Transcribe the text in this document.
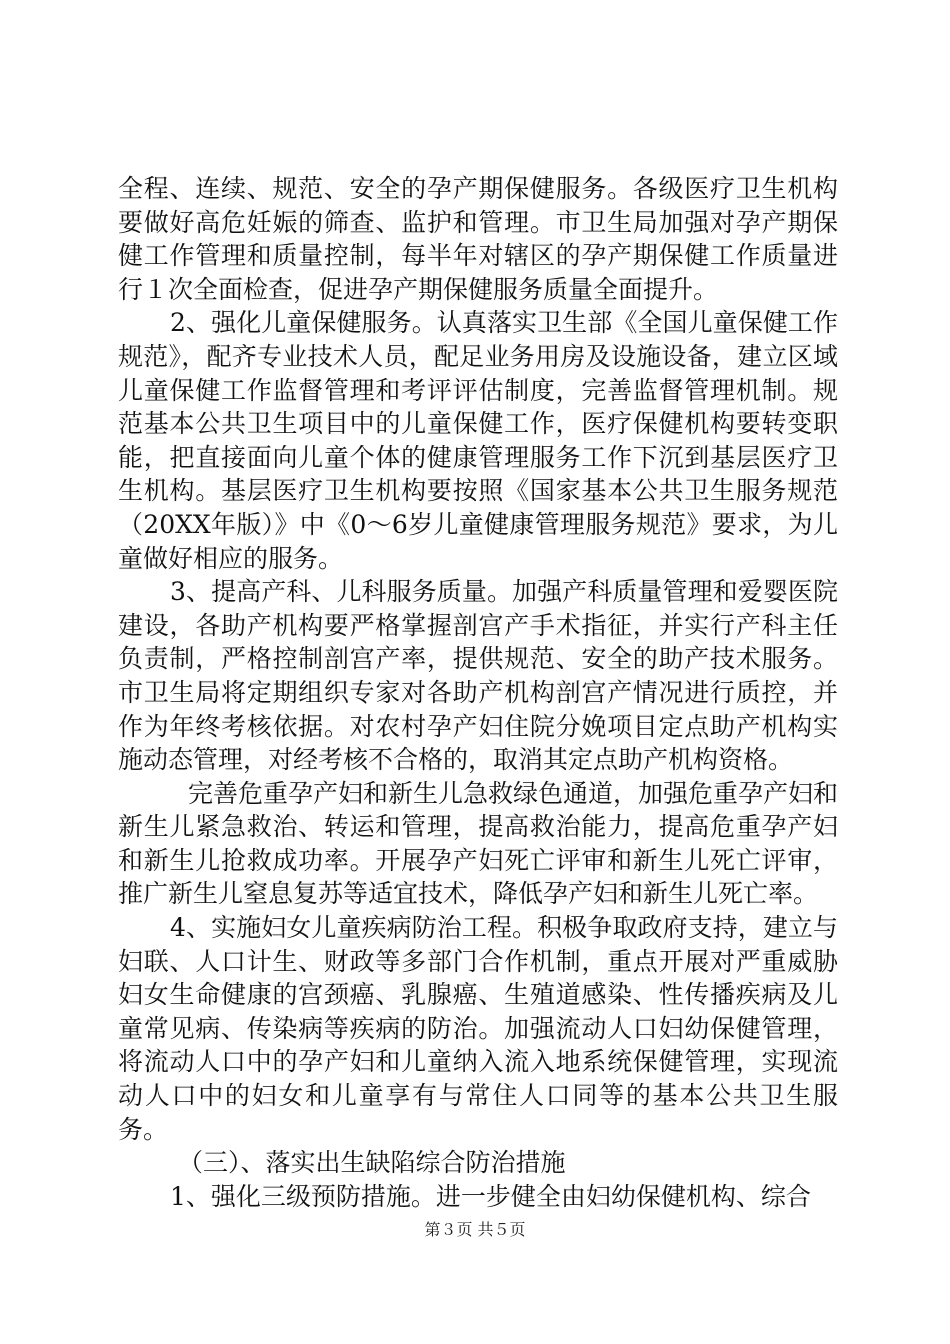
全程、连续、规范、安全的孕产期保健服务。各级医疗卫生机构要做好高危妊娠的筛查、监护和管理。市卫生局加强对孕产期保健工作管理和质量控制，每半年对辖区的孕产期保健工作质量进行１次全面检查，促进孕产期保健服务质量全面提升。

2、强化儿童保健服务。认真落实卫生部《全国儿童保健工作规范》，配齐专业技术人员，配足业务用房及设施设备，建立区域儿童保健工作监督管理和考评评估制度，完善监督管理机制。规范基本公共卫生项目中的儿童保健工作，医疗保健机构要转变职能，把直接面向儿童个体的健康管理服务工作下沉到基层医疗卫生机构。基层医疗卫生机构要按照《国家基本公共卫生服务规范（20XX年版）》中《0～6岁儿童健康管理服务规范》要求，为儿童做好相应的服务。

3、提高产科、儿科服务质量。加强产科质量管理和爱婴医院建设，各助产机构要严格掌握剖宫产手术指征，并实行产科主任负责制，严格控制剖宫产率，提供规范、安全的助产技术服务。市卫生局将定期组织专家对各助产机构剖宫产情况进行质控，并作为年终考核依据。对农村孕产妇住院分娩项目定点助产机构实施动态管理，对经考核不合格的，取消其定点助产机构资格。

完善危重孕产妇和新生儿急救绿色通道，加强危重孕产妇和新生儿紧急救治、转运和管理，提高救治能力，提高危重孕产妇和新生儿抢救成功率。开展孕产妇死亡评审和新生儿死亡评审，推广新生儿窒息复苏等适宜技术，降低孕产妇和新生儿死亡率。

4、实施妇女儿童疾病防治工程。积极争取政府支持，建立与妇联、人口计生、财政等多部门合作机制，重点开展对严重威胁妇女生命健康的宫颈癌、乳腺癌、生殖道感染、性传播疾病及儿童常见病、传染病等疾病的防治。加强流动人口妇幼保健管理，将流动人口中的孕产妇和儿童纳入流入地系统保健管理，实现流动人口中的妇女和儿童享有与常住人口同等的基本公共卫生服务。

（三）、落实出生缺陷综合防治措施

1、强化三级预防措施。进一步健全由妇幼保健机构、综合

第３页 共５页
